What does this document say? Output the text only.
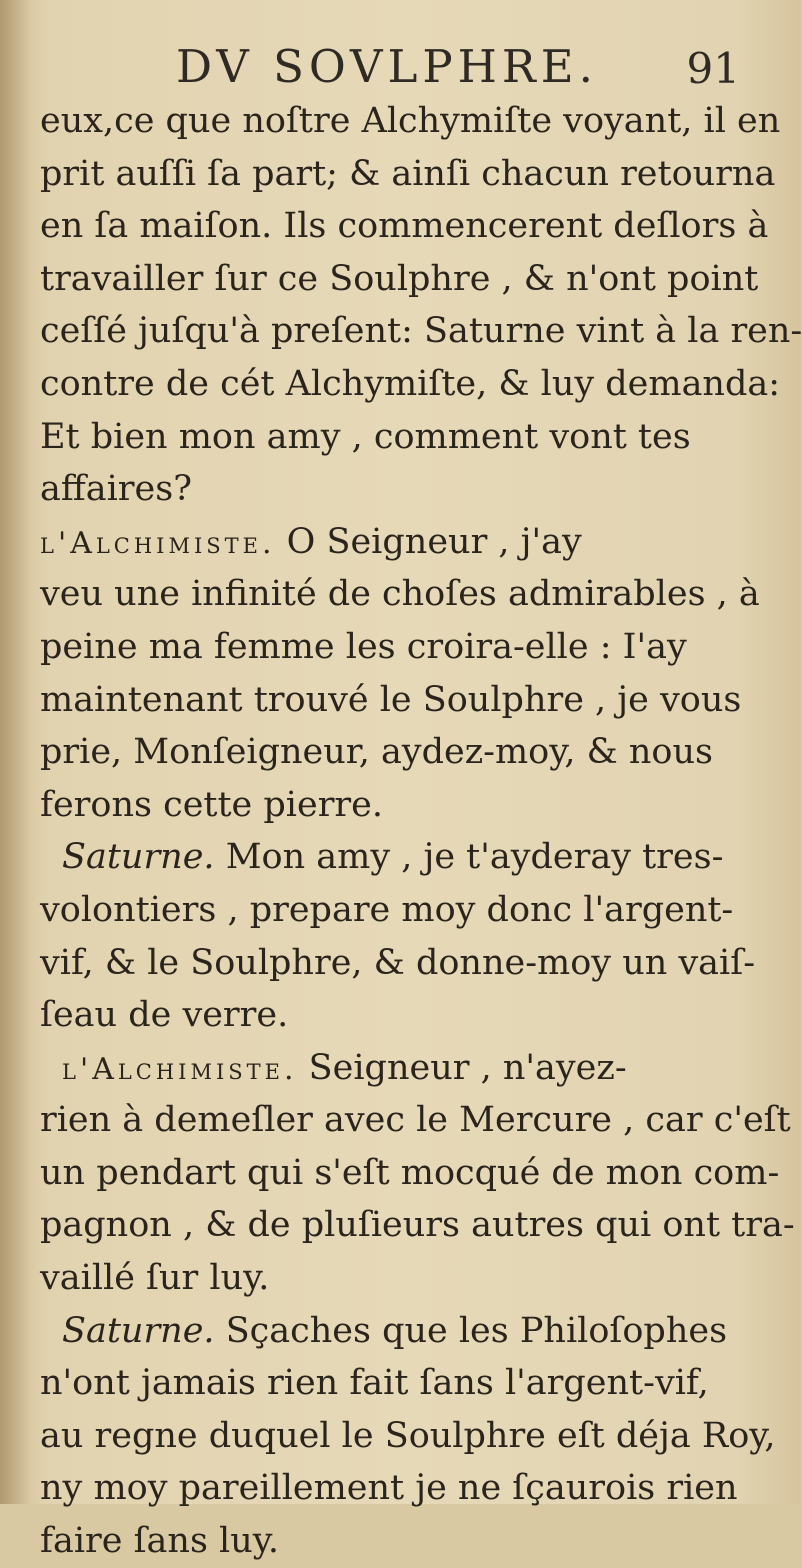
DV SOVLPHRE. 91
eux,ce que noſtre Alchymiſte voyant, il en
prit auſſi ſa part; & ainſi chacun retourna
en ſa maiſon. Ils commencerent deſlors à
travailler ſur ce Soulphre , & n'ont point
ceſſé juſqu'à preſent: Saturne vint à la ren-
contre de cét Alchymiſte, & luy demanda:
Et bien mon amy , comment vont tes
affaires?
l'Alchimiste. O Seigneur , j'ay
veu une infinité de choſes admirables , à
peine ma femme les croira-elle : I'ay
maintenant trouvé le Soulphre , je vous
prie, Monſeigneur, aydez-moy, & nous
ferons cette pierre.
Saturne. Mon amy , je t'ayderay tres-
volontiers , prepare moy donc l'argent-
vif, & le Soulphre, & donne-moy un vaiſ-
ſeau de verre.
l'Alchimiste. Seigneur , n'ayez-
rien à demeſler avec le Mercure , car c'eſt
un pendart qui s'eſt mocqué de mon com-
pagnon , & de pluſieurs autres qui ont tra-
vaillé ſur luy.
Saturne. Sçaches que les Philoſophes
n'ont jamais rien fait ſans l'argent-vif,
au regne duquel le Soulphre eſt déja Roy,
ny moy pareillement je ne ſçaurois rien
faire ſans luy.
